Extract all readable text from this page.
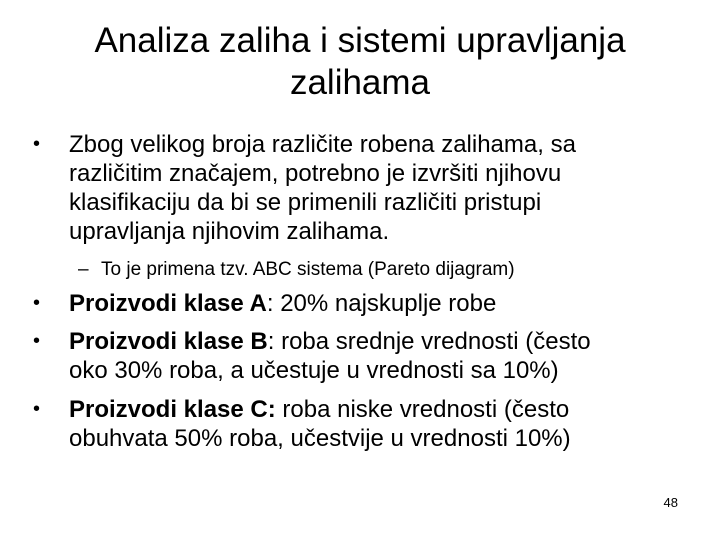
Analiza zaliha i sistemi upravljanja
zalihama
• Zbog velikog broja različite robena zalihama, sa
različitim značajem, potrebno je izvršiti njihovu
klasifikaciju da bi se primenili različiti pristupi
upravljanja njihovim zalihama.
– To je primena tzv. ABC sistema (Pareto dijagram)
• Proizvodi klase A: 20% najskuplje robe
• Proizvodi klase B: roba srednje vrednosti (često
oko 30% roba, a učestuje u vrednosti sa 10%)
• Proizvodi klase C: roba niske vrednosti (često
obuhvata 50% roba, učestvije u vrednosti 10%)
48
